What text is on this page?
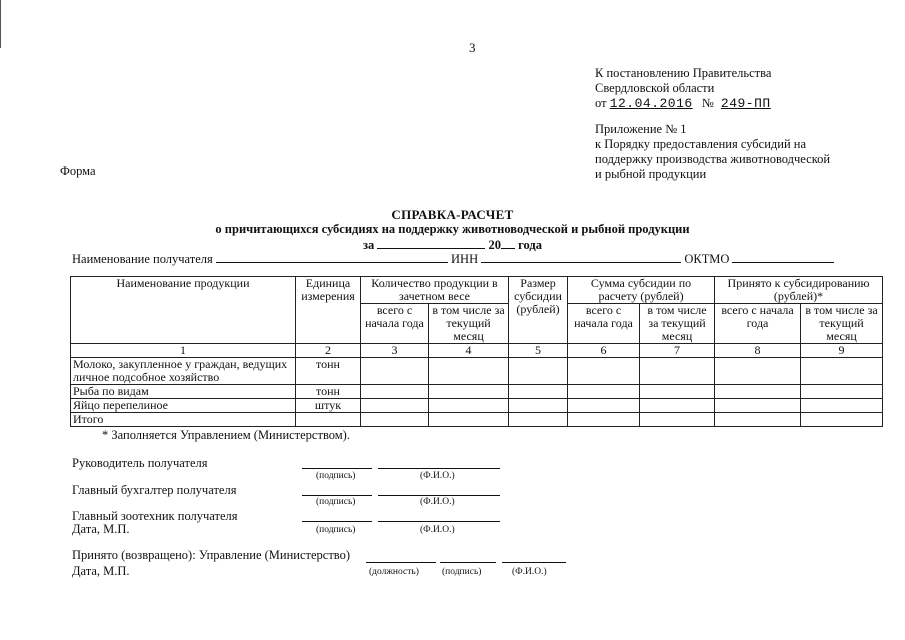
3
К постановлению Правительства
Свердловской области
от 12.04.2016 № 249-ПП
Приложение № 1
к Порядку предоставления субсидий на
поддержку производства животноводческой
и рыбной продукции
Форма
СПРАВКА-РАСЧЕТ
о причитающихся субсидиях на поддержку животноводческой и рыбной продукции
за	20 года
Наименование получателя	ИНН	ОКТМО
Наименование продукции	Единица измерения	Количество продукции в зачетном весе		Размер субсидии (рублей)	Сумма субсидии по расчету (рублей)		Принято к субсидированию (рублей)*	
		всего с начала года	в том числе за текущий месяц		всего с начала года	в том числе за текущий месяц	всего с начала года	в том числе за текущий месяц
1	2	3	4	5	6	7	8	9
Молоко, закупленное у граждан, ведущих личное подсобное хозяйство	тонн							
Рыба по видам	тонн							
Яйцо перепелиное	штук							
Итого								
* Заполняется Управлением (Министерством).
Руководитель получателя
(подпись)	(Ф.И.О.)
Главный бухгалтер получателя
(подпись)	(Ф.И.О.)
Главный зоотехник получателя
Дата, М.П.	(подпись)	(Ф.И.О.)
Принято (возвращено): Управление (Министерство)
Дата, М.П.	(должность) (подпись)	(Ф.И.О.)
